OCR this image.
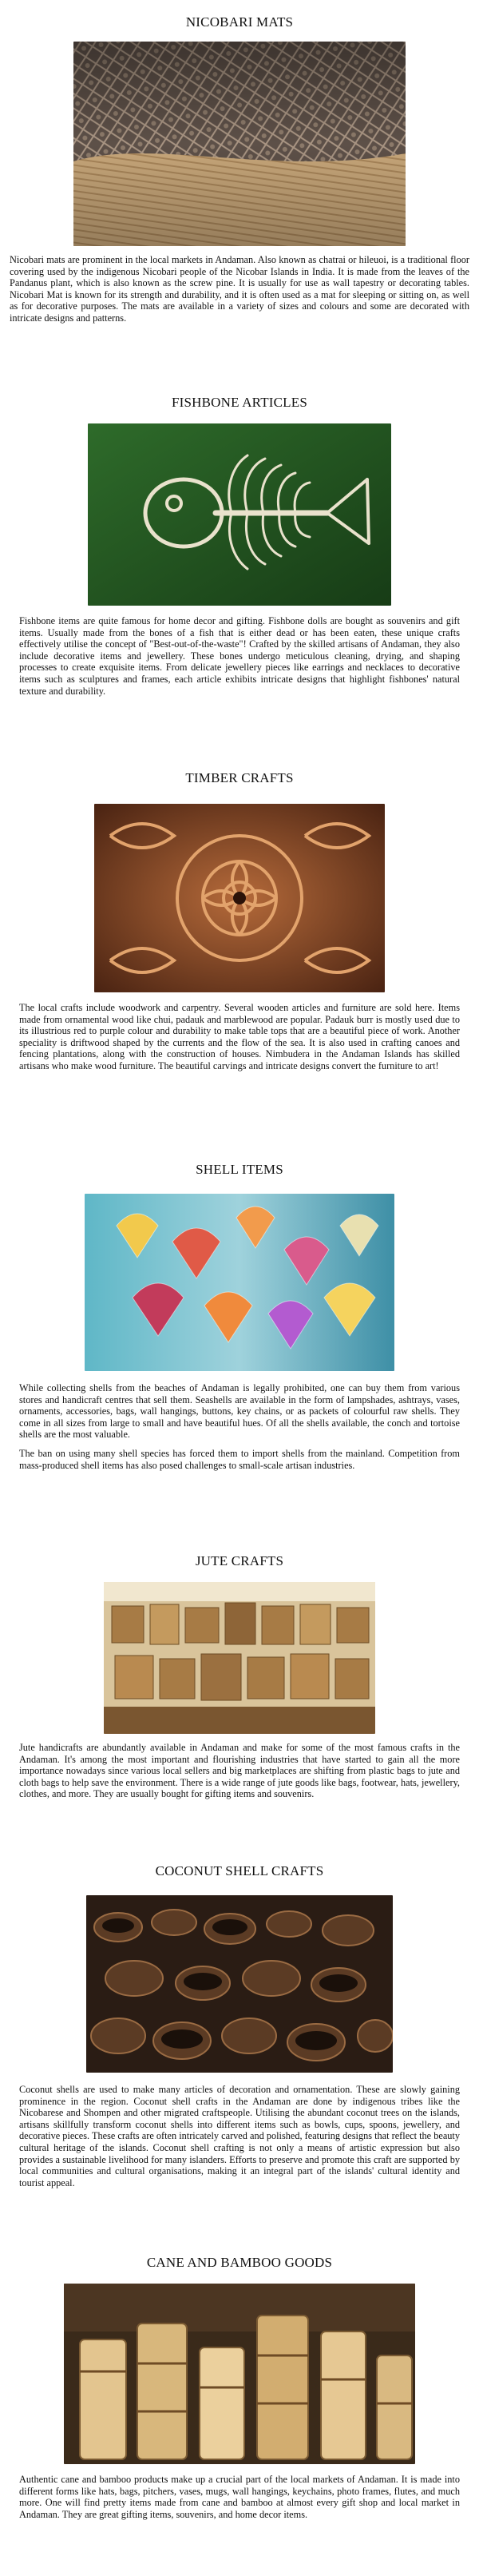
NICOBARI MATS

Nicobari mats are prominent in the local markets in Andaman. Also known as chatrai or hileuoi, is a traditional floor covering used by the indigenous Nicobari people of the Nicobar Islands in India. It is made from the leaves of the Pandanus plant, which is also known as the screw pine. It is usually for use as wall tapestry or decorating tables. Nicobari Mat is known for its strength and durability, and it is often used as a mat for sleeping or sitting on, as well as for decorative purposes. The mats are available in a variety of sizes and colours and some are decorated with intricate designs and patterns.

FISHBONE ARTICLES

Fishbone items are quite famous for home decor and gifting. Fishbone dolls are bought as souvenirs and gift items. Usually made from the bones of a fish that is either dead or has been eaten, these unique crafts effectively utilise the concept of "Best-out-of-the-waste"! Crafted by the skilled artisans of Andaman, they also include decorative items and jewellery. These bones undergo meticulous cleaning, drying, and shaping processes to create exquisite items. From delicate jewellery pieces like earrings and necklaces to decorative items such as sculptures and frames, each article exhibits intricate designs that highlight fishbones' natural texture and durability.

TIMBER CRAFTS

The local crafts include woodwork and carpentry. Several wooden articles and furniture are sold here. Items made from ornamental wood like chui, padauk and marblewood are popular. Padauk burr is mostly used due to its illustrious red to purple colour and durability to make table tops that are a beautiful piece of work. Another speciality is driftwood shaped by the currents and the flow of the sea. It is also used in crafting canoes and fencing plantations, along with the construction of houses. Nimbudera in the Andaman Islands has skilled artisans who make wood furniture. The beautiful carvings and intricate designs convert the furniture to art!

SHELL ITEMS

While collecting shells from the beaches of Andaman is legally prohibited, one can buy them from various stores and handicraft centres that sell them. Seashells are available in the form of lampshades, ashtrays, vases, ornaments, accessories, bags, wall hangings, buttons, key chains, or as packets of colourful raw shells. They come in all sizes from large to small and have beautiful hues. Of all the shells available, the conch and tortoise shells are the most valuable.

The ban on using many shell species has forced them to import shells from the mainland. Competition from mass-produced shell items has also posed challenges to small-scale artisan industries.

JUTE CRAFTS

Jute handicrafts are abundantly available in Andaman and make for some of the most famous crafts in the Andaman. It's among the most important and flourishing industries that have started to gain all the more importance nowadays since various local sellers and big marketplaces are shifting from plastic bags to jute and cloth bags to help save the environment. There is a wide range of jute goods like bags, footwear, hats, jewellery, clothes, and more. They are usually bought for gifting items and souvenirs.

COCONUT SHELL CRAFTS

Coconut shells are used to make many articles of decoration and ornamentation. These are slowly gaining prominence in the region. Coconut shell crafts in the Andaman are done by indigenous tribes like the Nicobarese and Shompen and other migrated craftspeople. Utilising the abundant coconut trees on the islands, artisans skillfully transform coconut shells into different items such as bowls, cups, spoons, jewellery, and decorative pieces. These crafts are often intricately carved and polished, featuring designs that reflect the beauty cultural heritage of the islands. Coconut shell crafting is not only a means of artistic expression but also provides a sustainable livelihood for many islanders. Efforts to preserve and promote this craft are supported by local communities and cultural organisations, making it an integral part of the islands' cultural identity and tourist appeal.

CANE AND BAMBOO GOODS

Authentic cane and bamboo products make up a crucial part of the local markets of Andaman. It is made into different forms like hats, bags, pitchers, vases, mugs, wall hangings, keychains, photo frames, flutes, and much more. One will find pretty items made from cane and bamboo at almost every gift shop and local market in Andaman. They are great gifting items, souvenirs, and home decor items.
